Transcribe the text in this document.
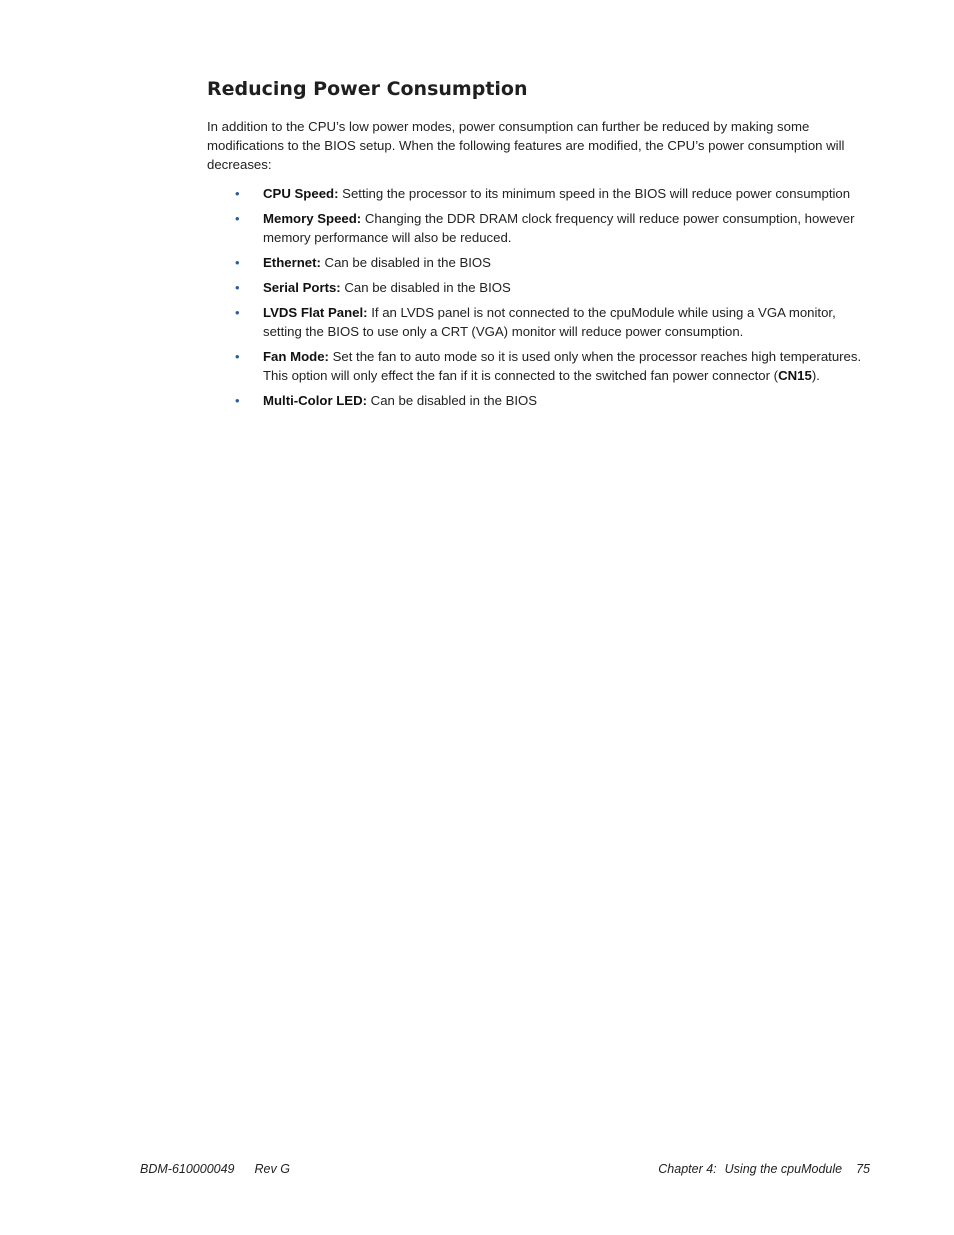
Reducing Power Consumption

In addition to the CPU’s low power modes, power consumption can further be reduced by making some modifications to the BIOS setup. When the following features are modified, the CPU’s power consumption will decreases:

• CPU Speed: Setting the processor to its minimum speed in the BIOS will reduce power consumption
• Memory Speed: Changing the DDR DRAM clock frequency will reduce power consumption, however memory performance will also be reduced.
• Ethernet: Can be disabled in the BIOS
• Serial Ports: Can be disabled in the BIOS
• LVDS Flat Panel: If an LVDS panel is not connected to the cpuModule while using a VGA monitor, setting the BIOS to use only a CRT (VGA) monitor will reduce power consumption.
• Fan Mode: Set the fan to auto mode so it is used only when the processor reaches high temperatures. This option will only effect the fan if it is connected to the switched fan power connector (CN15).
• Multi-Color LED: Can be disabled in the BIOS
BDM-610000049 Rev G	Chapter 4: Using the cpuModule 75
